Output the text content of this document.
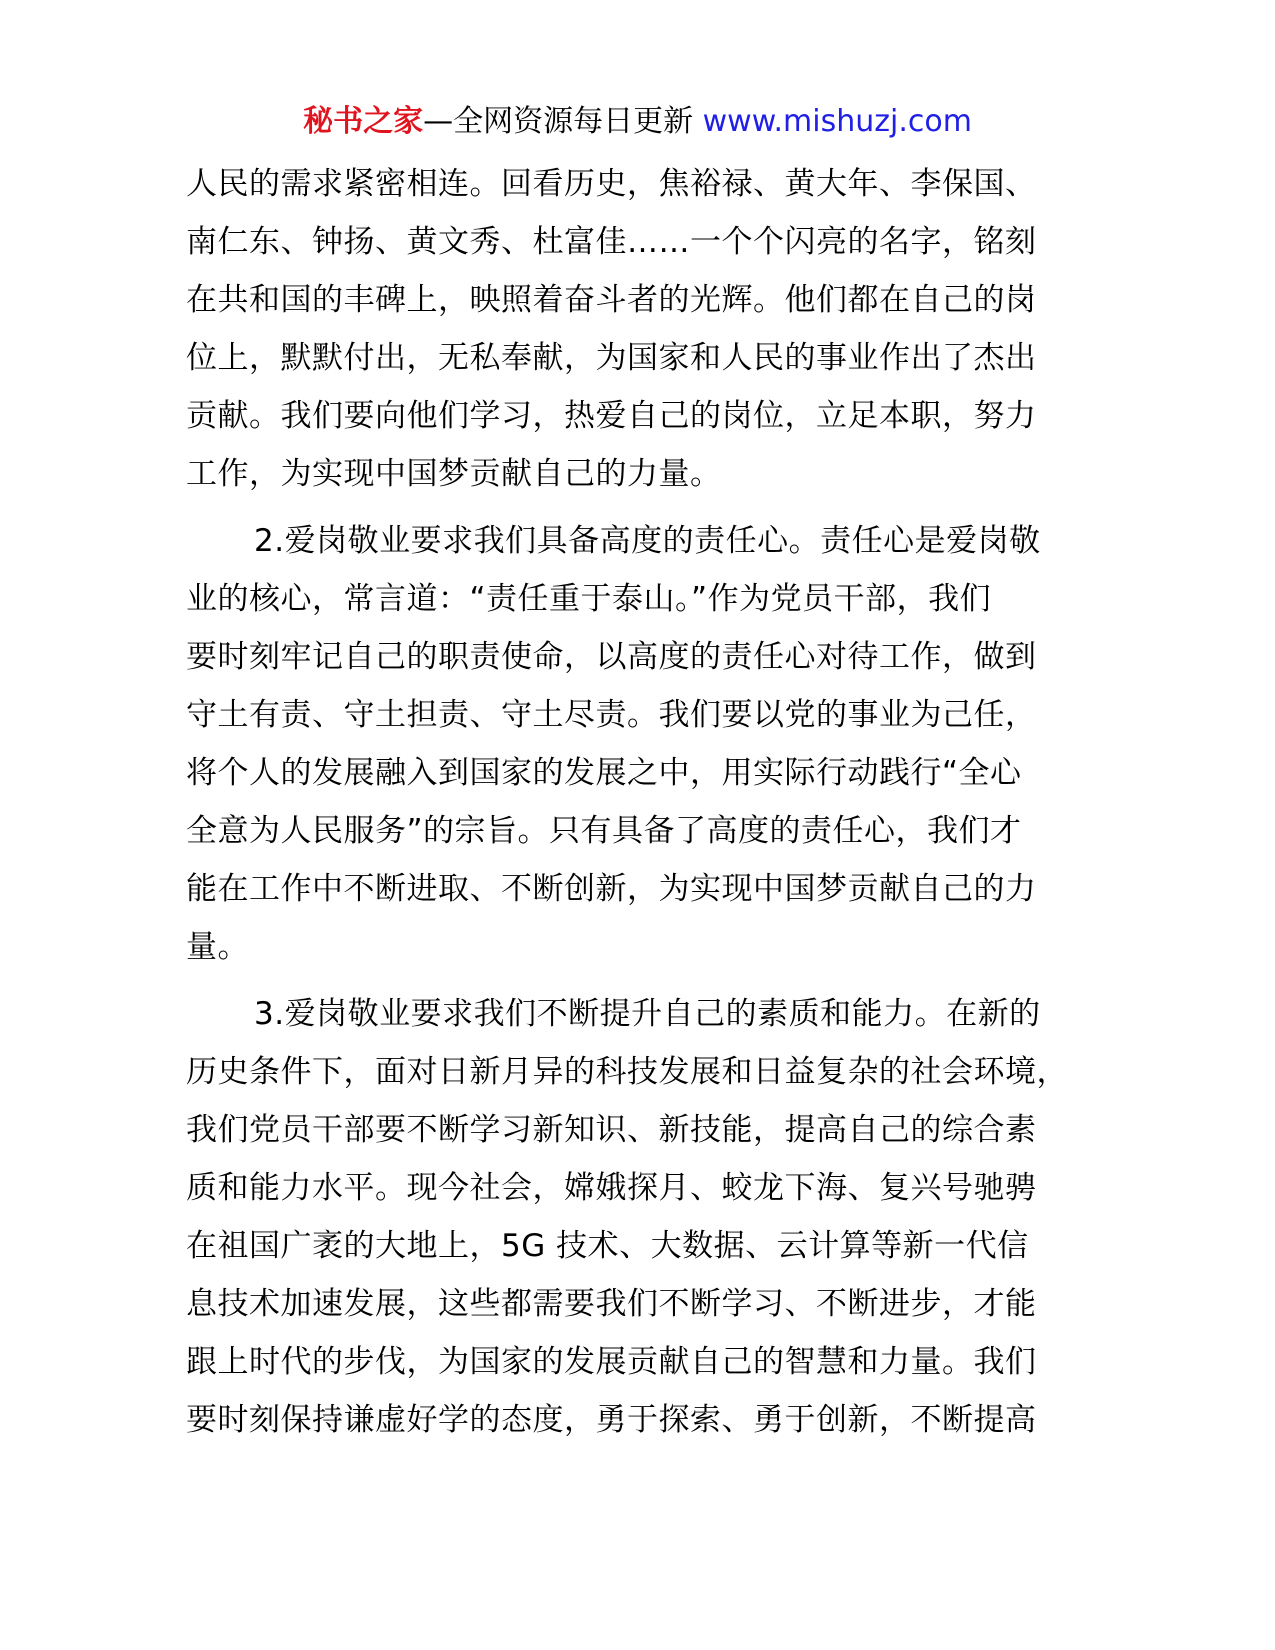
秘书之家—全网资源每日更新 www.mishuzj.com
人民的需求紧密相连。回看历史，焦裕禄、黄大年、李保国、
南仁东、钟扬、黄文秀、杜富佳……一个个闪亮的名字，铭刻
在共和国的丰碑上，映照着奋斗者的光辉。他们都在自己的岗
位上，默默付出，无私奉献，为国家和人民的事业作出了杰出
贡献。我们要向他们学习，热爱自己的岗位，立足本职，努力
工作，为实现中国梦贡献自己的力量。
2.爱岗敬业要求我们具备高度的责任心。责任心是爱岗敬
业的核心，常言道：“责任重于泰山。”作为党员干部，我们
要时刻牢记自己的职责使命，以高度的责任心对待工作，做到
守土有责、守土担责、守土尽责。我们要以党的事业为己任，
将个人的发展融入到国家的发展之中，用实际行动践行“全心
全意为人民服务”的宗旨。只有具备了高度的责任心，我们才
能在工作中不断进取、不断创新，为实现中国梦贡献自己的力
量。
3.爱岗敬业要求我们不断提升自己的素质和能力。在新的
历史条件下，面对日新月异的科技发展和日益复杂的社会环境，
我们党员干部要不断学习新知识、新技能，提高自己的综合素
质和能力水平。现今社会，嫦娥探月、蛟龙下海、复兴号驰骋
在祖国广袤的大地上，5G 技术、大数据、云计算等新一代信
息技术加速发展，这些都需要我们不断学习、不断进步，才能
跟上时代的步伐，为国家的发展贡献自己的智慧和力量。我们
要时刻保持谦虚好学的态度，勇于探索、勇于创新，不断提高
